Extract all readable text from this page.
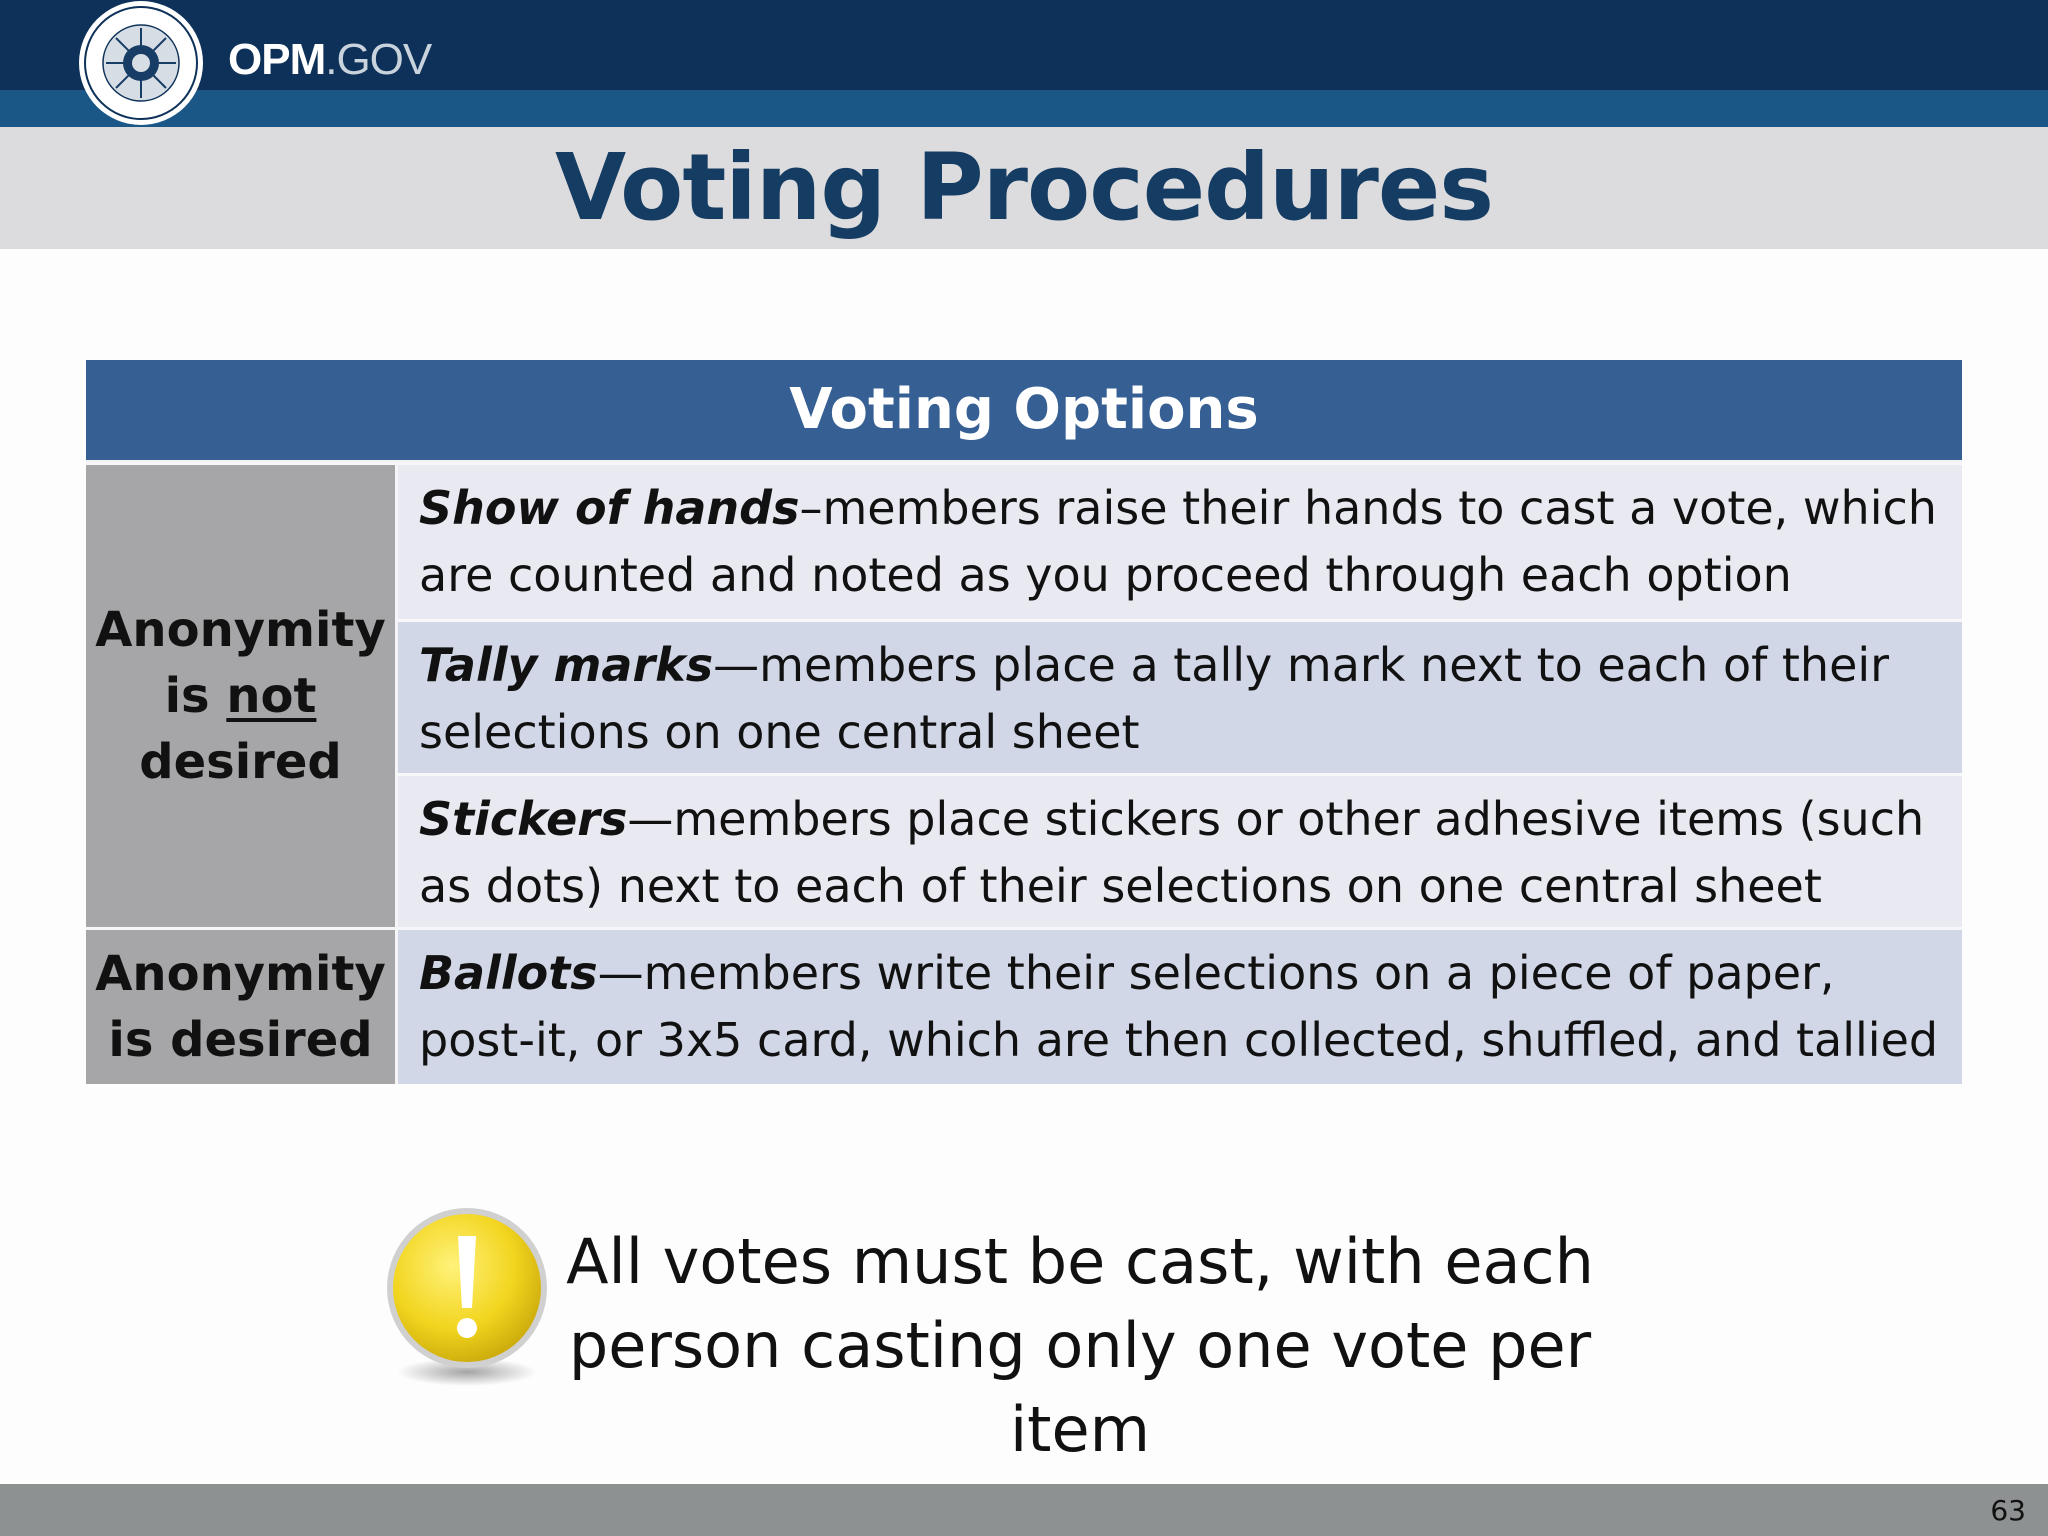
OPM.GOV
Voting Procedures
Voting Options
Anonymity
is not
desired
Show of hands–members raise their hands to cast a vote, which are counted and noted as you proceed through each option
Tally marks—members place a tally mark next to each of their selections on one central sheet
Stickers—members place stickers or other adhesive items (such as dots) next to each of their selections on one central sheet
Anonymity
is desired
Ballots—members write their selections on a piece of paper, post-it, or 3x5 card, which are then collected, shuffled, and tallied
All votes must be cast, with each
person casting only one vote per item
63
